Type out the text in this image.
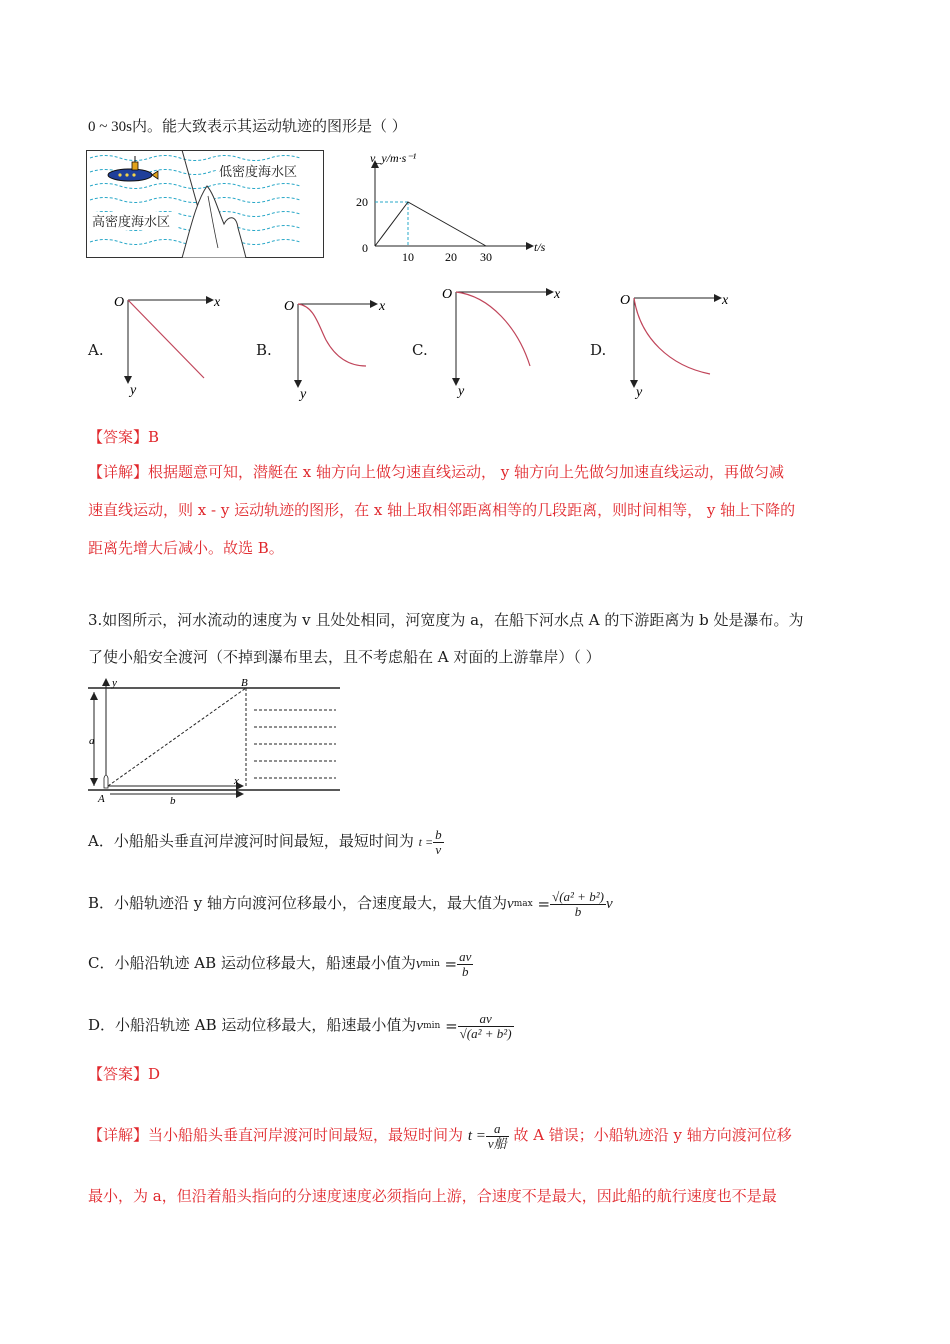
0 ~ 30s内。能大致表示其运动轨迹的图形是（ ）
低密度海水区
高密度海水区
v_y/m·s⁻¹
t/s
20
0
10	20 30
A.
O	x
y
B.
O	x
y
C.
O	x
y
D.
O	x
y
【答案】B
【详解】根据题意可知，潜艇在 x 轴方向上做匀速直线运动， y 轴方向上先做匀加速直线运动，再做匀减
速直线运动，则 x - y 运动轨迹的图形，在 x 轴上取相邻距离相等的几段距离，则时间相等， y 轴上下降的
距离先增大后减小。故选 B。
3.如图所示，河水流动的速度为 v 且处处相同，河宽度为 a，在船下河水点 A 的下游距离为 b 处是瀑布。为
了使小船安全渡河（不掉到瀑布里去，且不考虑船在 A 对面的上游靠岸）（ ）
y	B
a
A	b
x
A．小船船头垂直河岸渡河时间最短，最短时间为 $t = \frac{b}{v}$
B．小船轨迹沿 y 轴方向渡河位移最小，合速度最大，最大值为$vmax = \frac{\text{√(a² + b²)}}{b}$ v
C．小船沿轨迹 AB 运动位移最大，船速最小值为$vmin = \frac{av}{b}$
D．小船沿轨迹 AB 运动位移最大，船速最小值为$vmin = \frac{av}{\text{√(a² + b²)}}$
【答案】D
【详解】当小船船头垂直河岸渡河时间最短，最短时间为 $t = \frac{a}{\text{v船}}$ 故 A 错误；小船轨迹沿 y 轴方向渡河位移
最小，为 a，但沿着船头指向的分速度速度必须指向上游，合速度不是最大，因此船的航行速度也不是最
